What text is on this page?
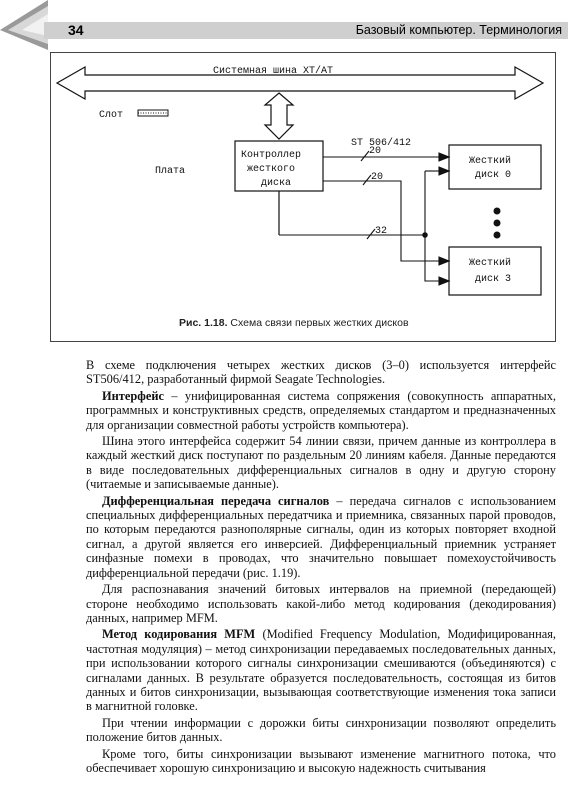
34	Базовый компьютер. Терминология
Системная шина XT/AT
Слот
Плата
Контроллер
жесткого
диска
ST 506/412
Жесткий
диск 0
Жесткий
диск 3
20
20
32
Рис. 1.18. Схема связи первых жестких дисков

В схеме подключения четырех жестких дисков (3–0) используется интерфейс ST506/412, разработанный фирмой Seagate Technologies.

Интерфейс – унифицированная система сопряжения (совокупность аппаратных, программных и конструктивных средств, определяемых стандартом и предназначенных для организации совместной работы устройств компьютера).

Шина этого интерфейса содержит 54 линии связи, причем данные из контроллера в каждый жесткий диск поступают по раздельным 20 линиям кабеля. Данные передаются в виде последовательных дифференциальных сигналов в одну и другую сторону (читаемые и записываемые данные).

Дифференциальная передача сигналов – передача сигналов с использованием специальных дифференциальных передатчика и приемника, связанных парой проводов, по которым передаются разнополярные сигналы, один из которых повторяет входной сигнал, а другой является его инверсией. Дифференциальный приемник устраняет синфазные помехи в проводах, что значительно повышает помехоустойчивость дифференциальной передачи (рис. 1.19).

Для распознавания значений битовых интервалов на приемной (передающей) стороне необходимо использовать какой-либо метод кодирования (декодирования) данных, например MFM.

Метод кодирования MFM (Modified Frequency Modulation, Модифицированная, частотная модуляция) – метод синхронизации передаваемых последовательных данных, при использовании которого сигналы синхронизации смешиваются (объединяются) с сигналами данных. В результате образуется последовательность, состоящая из битов данных и битов синхронизации, вызывающая соответствующие изменения тока записи в магнитной головке.

При чтении информации с дорожки биты синхронизации позволяют определить положение битов данных.

Кроме того, биты синхронизации вызывают изменение магнитного потока, что обеспечивает хорошую синхронизацию и высокую надежность считывания
